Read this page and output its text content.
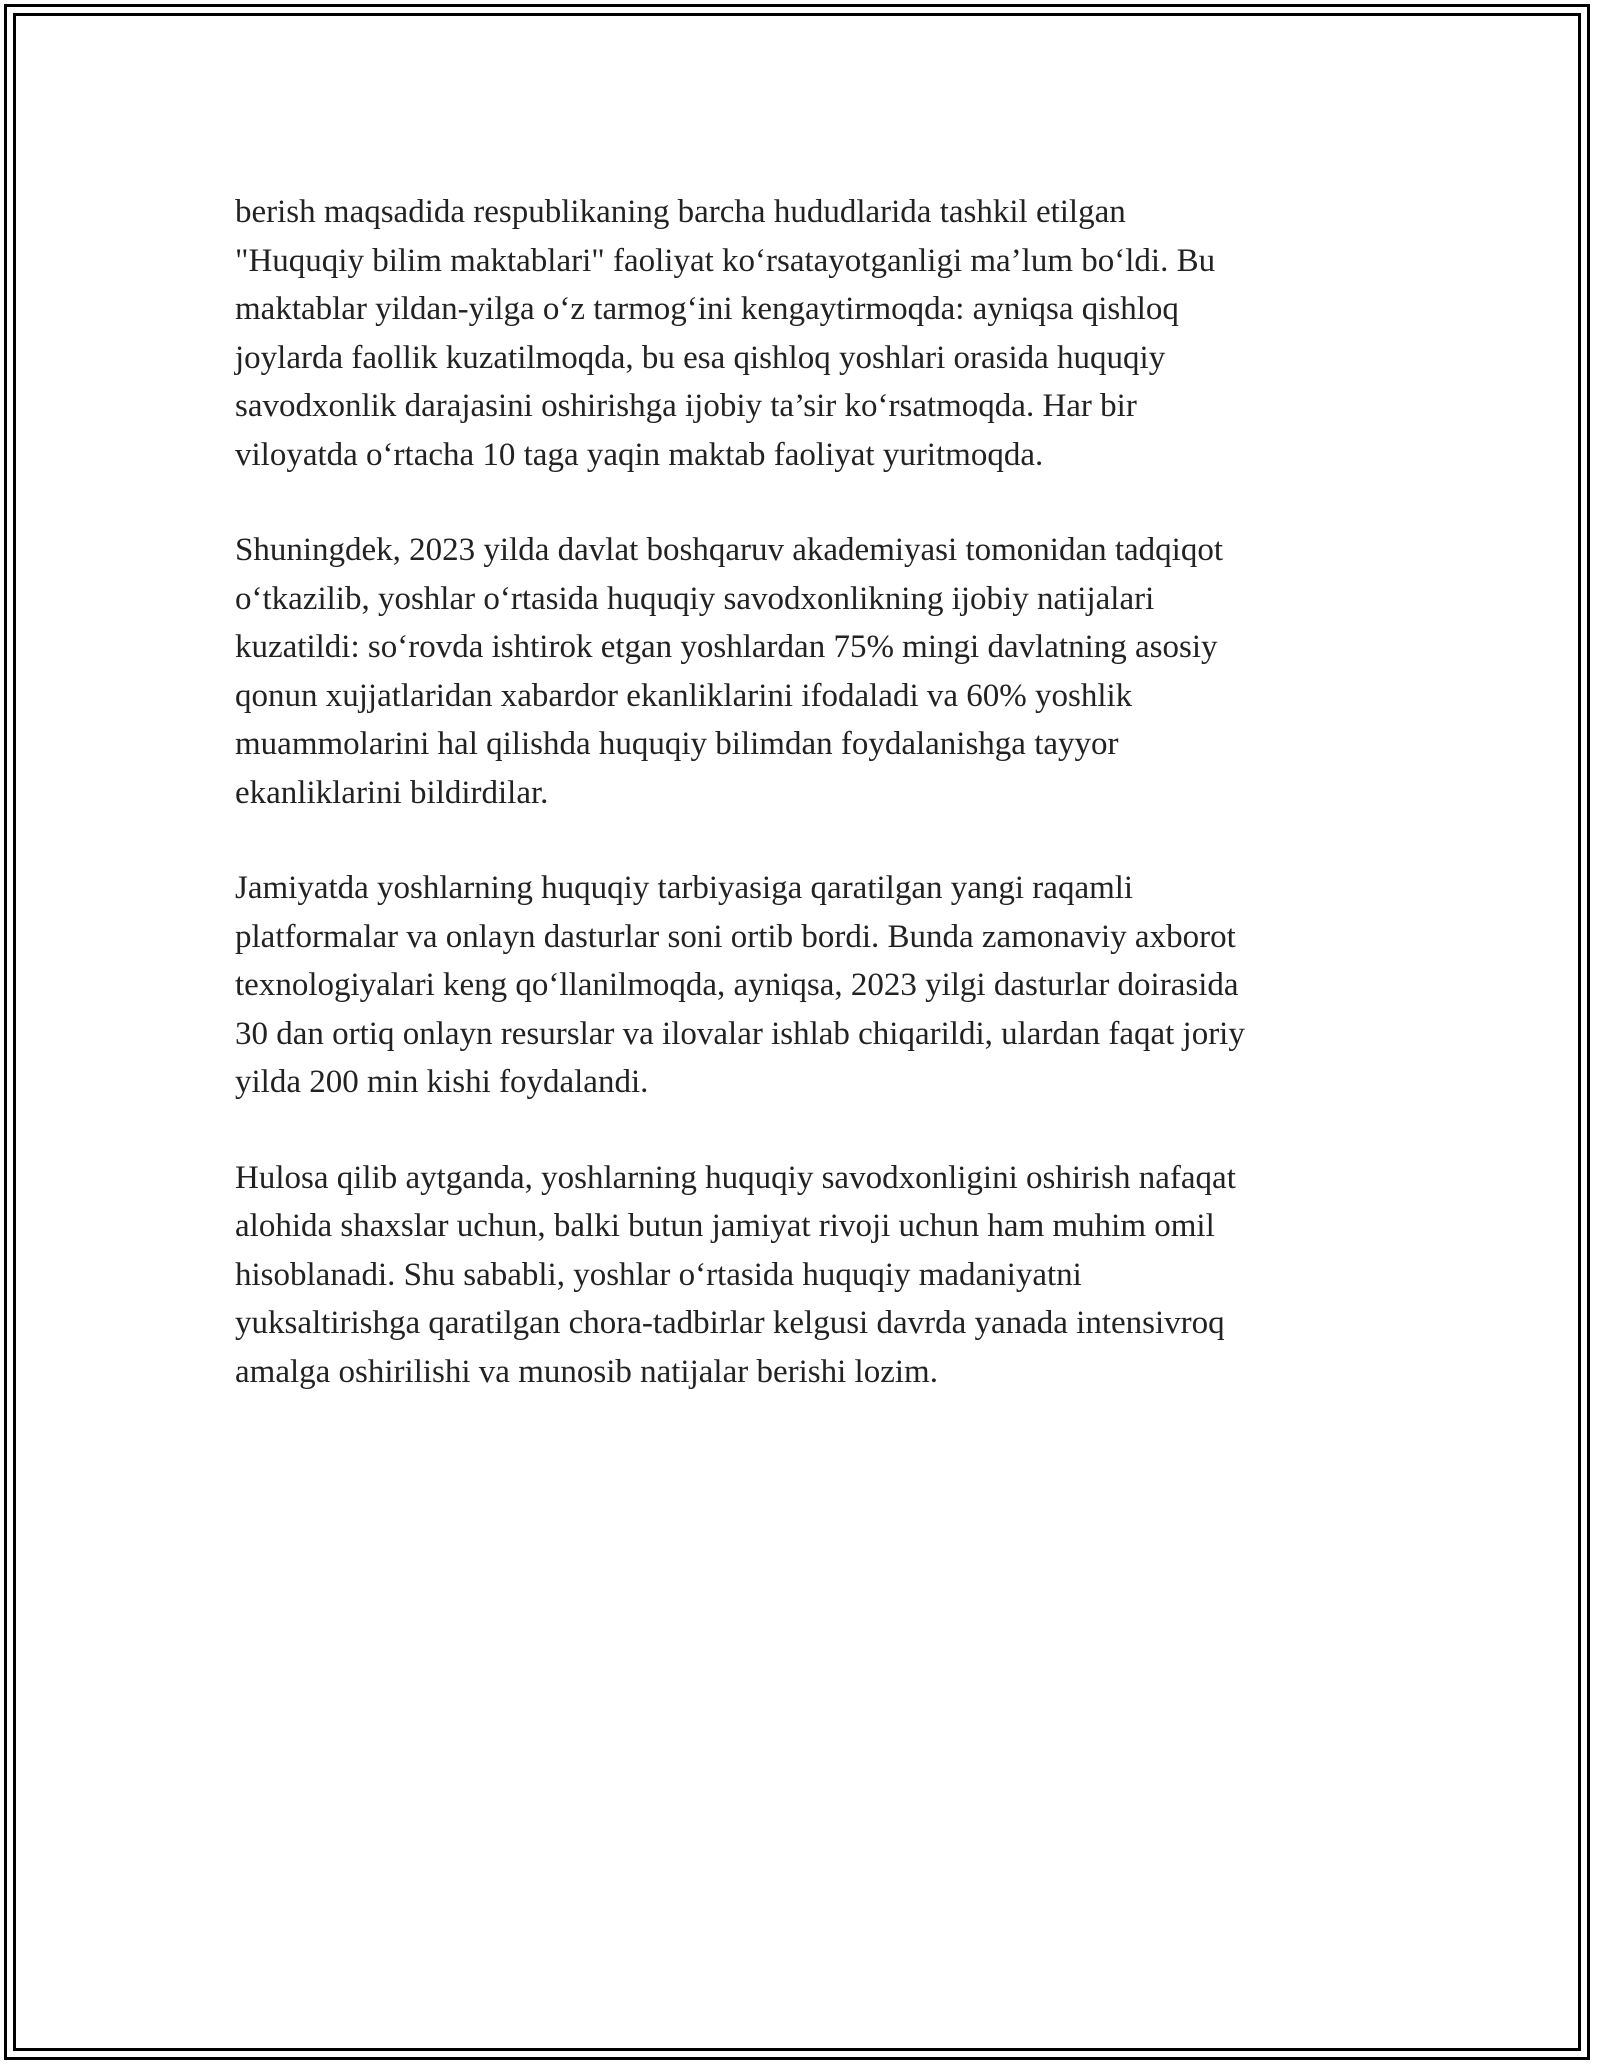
berish maqsadida respublikaning barcha hududlarida tashkil etilgan
"Huquqiy bilim maktablari" faoliyat ko‘rsatayotganligi ma’lum bo‘ldi. Bu
maktablar yildan-yilga o‘z tarmog‘ini kengaytirmoqda: ayniqsa qishloq
joylarda faollik kuzatilmoqda, bu esa qishloq yoshlari orasida huquqiy
savodxonlik darajasini oshirishga ijobiy ta’sir ko‘rsatmoqda. Har bir
viloyatda o‘rtacha 10 taga yaqin maktab faoliyat yuritmoqda.

Shuningdek, 2023 yilda davlat boshqaruv akademiyasi tomonidan tadqiqot
o‘tkazilib, yoshlar o‘rtasida huquqiy savodxonlikning ijobiy natijalari
kuzatildi: so‘rovda ishtirok etgan yoshlardan 75% mingi davlatning asosiy
qonun xujjatlaridan xabardor ekanliklarini ifodaladi va 60% yoshlik
muammolarini hal qilishda huquqiy bilimdan foydalanishga tayyor
ekanliklarini bildirdilar.

Jamiyatda yoshlarning huquqiy tarbiyasiga qaratilgan yangi raqamli
platformalar va onlayn dasturlar soni ortib bordi. Bunda zamonaviy axborot
texnologiyalari keng qo‘llanilmoqda, ayniqsa, 2023 yilgi dasturlar doirasida
30 dan ortiq onlayn resurslar va ilovalar ishlab chiqarildi, ulardan faqat joriy
yilda 200 min kishi foydalandi.

Hulosa qilib aytganda, yoshlarning huquqiy savodxonligini oshirish nafaqat
alohida shaxslar uchun, balki butun jamiyat rivoji uchun ham muhim omil
hisoblanadi. Shu sababli, yoshlar o‘rtasida huquqiy madaniyatni
yuksaltirishga qaratilgan chora-tadbirlar kelgusi davrda yanada intensivroq
amalga oshirilishi va munosib natijalar berishi lozim.
